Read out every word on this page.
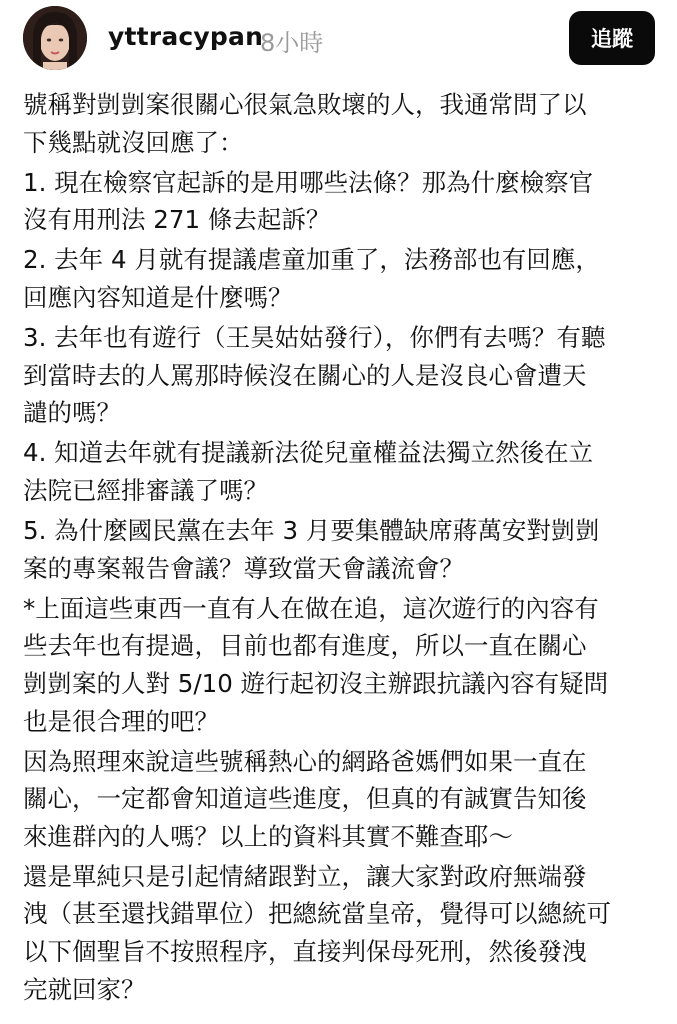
yttracypan
8小時	追蹤

號稱對剴剴案很關心很氣急敗壞的人，我通常問了以
下幾點就沒回應了：

1. 現在檢察官起訴的是用哪些法條？那為什麼檢察官
沒有用刑法 271 條去起訴？

2. 去年 4 月就有提議虐童加重了，法務部也有回應，
回應內容知道是什麼嗎？

3. 去年也有遊行（王昊姑姑發行），你們有去嗎？有聽
到當時去的人罵那時候沒在關心的人是沒良心會遭天
譴的嗎？

4. 知道去年就有提議新法從兒童權益法獨立然後在立
法院已經排審議了嗎？

5. 為什麼國民黨在去年 3 月要集體缺席蔣萬安對剴剴
案的專案報告會議？導致當天會議流會？

*上面這些東西一直有人在做在追，這次遊行的內容有
些去年也有提過，目前也都有進度，所以一直在關心
剴剴案的人對 5/10 遊行起初沒主辦跟抗議內容有疑問
也是很合理的吧？

因為照理來說這些號稱熱心的網路爸媽們如果一直在
關心，一定都會知道這些進度，但真的有誠實告知後
來進群內的人嗎？以上的資料其實不難查耶～

還是單純只是引起情緒跟對立，讓大家對政府無端發
洩（甚至還找錯單位）把總統當皇帝，覺得可以總統可
以下個聖旨不按照程序，直接判保母死刑，然後發洩
完就回家？
